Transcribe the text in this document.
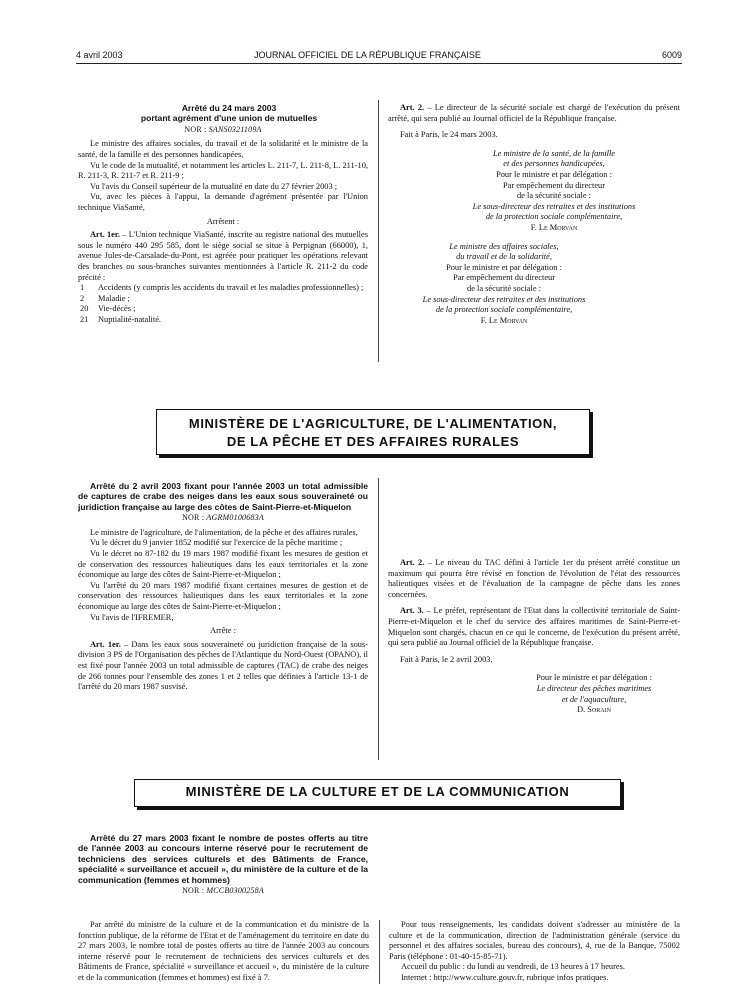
4 avril 2003	JOURNAL OFFICIEL DE LA RÉPUBLIQUE FRANÇAISE	6009

Arrêté du 24 mars 2003

portant agrément d'une union de mutuelles

NOR : SANS0321109A

Le ministre des affaires sociales, du travail et de la solidarité et le ministre de la santé, de la famille et des personnes handicapées,

Vu le code de la mutualité, et notamment les articles L. 211-7, L. 211-8, L. 211-10, R. 211-3, R. 211-7 et R. 211-9 ;

Vu l'avis du Conseil supérieur de la mutualité en date du 27 février 2003 ;

Vu, avec les pièces à l'appui, la demande d'agrément présentée par l'Union technique ViaSanté,

Arrêtent :

Art. 1er. – L'Union technique ViaSanté, inscrite au registre national des mutuelles sous le numéro 440 295 585, dont le siège social se situe à Perpignan (66000), 1, avenue Jules-de-Carsalade-du-Pont, est agréée pour pratiquer les opérations relevant des branches ou sous-branches suivantes mentionnées à l'article R. 211-2 du code précité :

1 Accidents (y compris les accidents du travail et les maladies professionnelles) ;

2 Maladie ;

20 Vie-décès ;

21 Nuptialité-natalité.

Art. 2. – Le directeur de la sécurité sociale est chargé de l'exécution du présent arrêté, qui sera publié au Journal officiel de la République française.

Fait à Paris, le 24 mars 2003.

Le ministre de la santé, de la famille
et des personnes handicapées,
Pour le ministre et par délégation :
Par empêchement du directeur
de la sécurité sociale :
Le sous-directeur des retraites et des institutions
de la protection sociale complémentaire,
F. Le Morvan
Le ministre des affaires sociales,
du travail et de la solidarité,
Pour le ministre et par délégation :
Par empêchement du directeur
de la sécurité sociale :
Le sous-directeur des retraites et des institutions
de la protection sociale complémentaire,
F. Le Morvan
MINISTÈRE DE L'AGRICULTURE, DE L'ALIMENTATION,
DE LA PÊCHE ET DES AFFAIRES RURALES

Arrêté du 2 avril 2003 fixant pour l'année 2003 un total admissible de captures de crabe des neiges dans les eaux sous souveraineté ou juridiction française au large des côtes de Saint-Pierre-et-Miquelon

NOR : AGRM0100683A

Le ministre de l'agriculture, de l'alimentation, de la pêche et des affaires rurales,

Vu le décret du 9 janvier 1852 modifié sur l'exercice de la pêche maritime ;

Vu le décret no 87-182 du 19 mars 1987 modifié fixant les mesures de gestion et de conservation des ressources halieutiques dans les eaux territoriales et la zone économique au large des côtes de Saint-Pierre-et-Miquelon ;

Vu l'arrêté du 20 mars 1987 modifié fixant certaines mesures de gestion et de conservation des ressources halieutiques dans les eaux territoriales et la zone économique au large des côtes de Saint-Pierre-et-Miquelon ;

Vu l'avis de l'IFREMER,

Arrête :

Art. 1er. – Dans les eaux sous souveraineté ou juridiction française de la sous-division 3 PS de l'Organisation des pêches de l'Atlantique du Nord-Ouest (OPANO), il est fixé pour l'année 2003 un total admissible de captures (TAC) de crabe des neiges de 266 tonnes pour l'ensemble des zones 1 et 2 telles que définies à l'article 13-1 de l'arrêté du 20 mars 1987 susvisé.

Art. 2. – Le niveau du TAC défini à l'article 1er du présent arrêté constitue un maximum qui pourra être révisé en fonction de l'évolution de l'état des ressources halieutiques visées et de l'évaluation de la campagne de pêche dans les zones concernées.

Art. 3. – Le préfet, représentant de l'Etat dans la collectivité territoriale de Saint-Pierre-et-Miquelon et le chef du service des affaires maritimes de Saint-Pierre-et-Miquelon sont chargés, chacun en ce qui le concerne, de l'exécution du présent arrêté, qui sera publié au Journal officiel de la République française.

Fait à Paris, le 2 avril 2003.

Pour le ministre et par délégation :
Le directeur des pêches maritimes
et de l'aquaculture,
D. Sorain
MINISTÈRE DE LA CULTURE ET DE LA COMMUNICATION

Arrêté du 27 mars 2003 fixant le nombre de postes offerts au titre de l'année 2003 au concours interne réservé pour le recrutement de techniciens des services culturels et des Bâtiments de France, spécialité « surveillance et accueil », du ministère de la culture et de la communication (femmes et hommes)

NOR : MCCB0300258A

Par arrêté du ministre de la culture et de la communication et du ministre de la fonction publique, de la réforme de l'Etat et de l'aménagement du territoire en date du 27 mars 2003, le nombre total de postes offerts au titre de l'année 2003 au concours interne réservé pour le recrutement de techniciens des services culturels et des Bâtiments de France, spécialité « surveillance et accueil », du ministère de la culture et de la communication (femmes et hommes) est fixé à 7.

Pour tous renseignements, les candidats doivent s'adresser au ministère de la culture et de la communication, direction de l'administration générale (service du personnel et des affaires sociales, bureau des concours), 4, rue de la Banque, 75002 Paris (téléphone : 01-40-15-85-71).

Accueil du public : du lundi au vendredi, de 13 heures à 17 heures.

Internet : http://www.culture.gouv.fr, rubrique infos pratiques.
